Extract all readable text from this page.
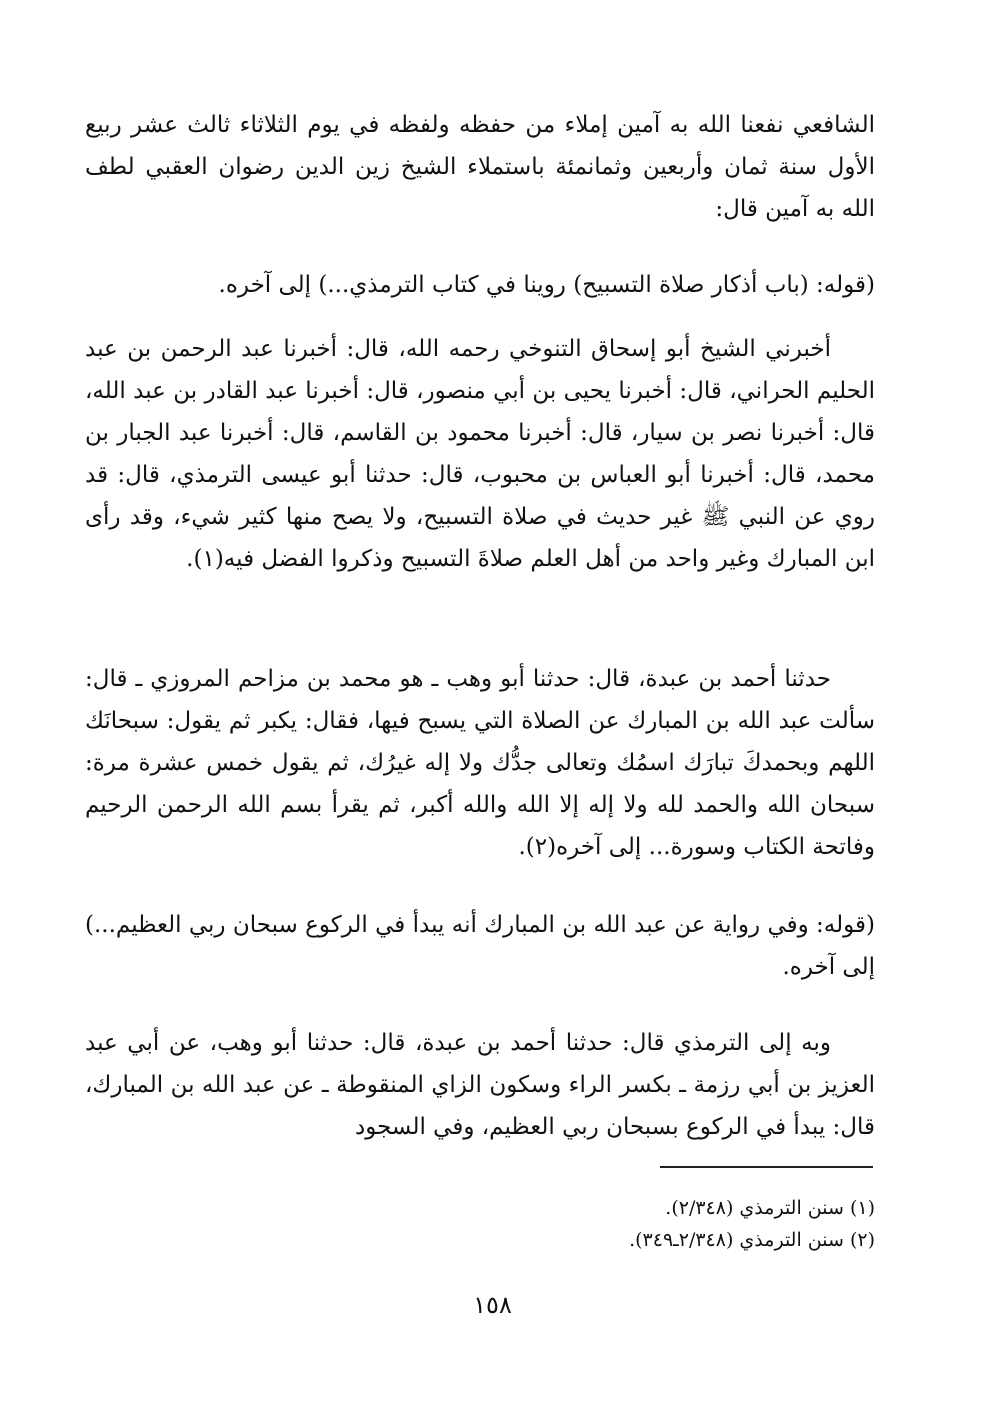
الشافعي نفعنا الله به آمين إملاء من حفظه ولفظه في يوم الثلاثاء ثالث عشر ربيع الأول سنة ثمان وأربعين وثمانمئة باستملاء الشيخ زين الدين رضوان العقبي لطف الله به آمين قال:

(قوله: (باب أذكار صلاة التسبيح) روينا في كتاب الترمذي...) إلى آخره.

أخبرني الشيخ أبو إسحاق التنوخي رحمه الله، قال: أخبرنا عبد الرحمن بن عبد الحليم الحراني، قال: أخبرنا يحيى بن أبي منصور، قال: أخبرنا عبد القادر بن عبد الله، قال: أخبرنا نصر بن سيار، قال: أخبرنا محمود بن القاسم، قال: أخبرنا عبد الجبار بن محمد، قال: أخبرنا أبو العباس بن محبوب، قال: حدثنا أبو عيسى الترمذي، قال: قد روي عن النبي ﷺ غير حديث في صلاة التسبيح، ولا يصح منها كثير شيء، وقد رأى ابن المبارك وغير واحد من أهل العلم صلاةَ التسبيح وذكروا الفضل فيه(١).

حدثنا أحمد بن عبدة، قال: حدثنا أبو وهب ـ هو محمد بن مزاحم المروزي ـ قال: سألت عبد الله بن المبارك عن الصلاة التي يسبح فيها، فقال: يكبر ثم يقول: سبحانَك اللهم وبحمدكَ تبارَك اسمُك وتعالى جدُّك ولا إله غيرُك، ثم يقول خمس عشرة مرة: سبحان الله والحمد لله ولا إله إلا الله والله أكبر، ثم يقرأ بسم الله الرحمن الرحيم وفاتحة الكتاب وسورة... إلى آخره(٢).

(قوله: وفي رواية عن عبد الله بن المبارك أنه يبدأ في الركوع سبحان ربي العظيم...) إلى آخره.

وبه إلى الترمذي قال: حدثنا أحمد بن عبدة، قال: حدثنا أبو وهب، عن أبي عبد العزيز بن أبي رزمة ـ بكسر الراء وسكون الزاي المنقوطة ـ عن عبد الله بن المبارك، قال: يبدأ في الركوع بسبحان ربي العظيم، وفي السجود

(١) سنن الترمذي (٢/٣٤٨).

(٢) سنن الترمذي (٢/٣٤٨ـ٣٤٩).

١٥٨
